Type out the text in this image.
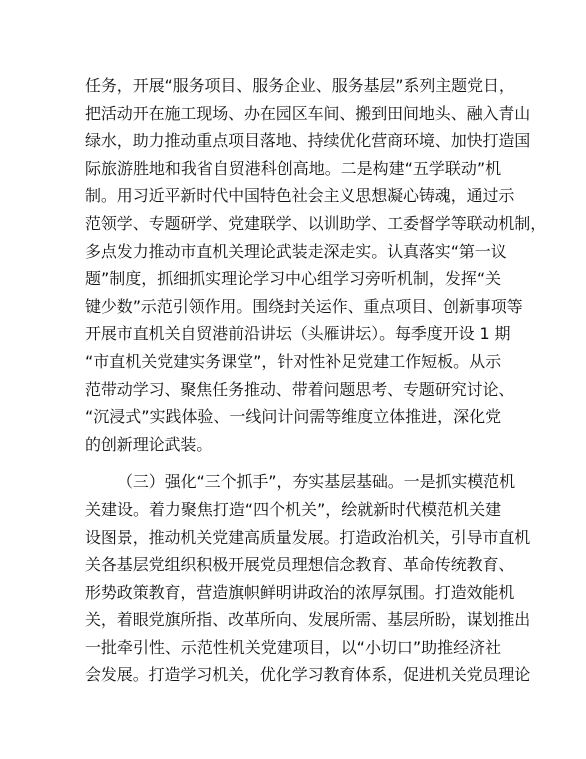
任务，开展“服务项目、服务企业、服务基层”系列主题党日，
把活动开在施工现场、办在园区车间、搬到田间地头、融入青山
绿水，助力推动重点项目落地、持续优化营商环境、加快打造国
际旅游胜地和我省自贸港科创高地。二是构建“五学联动”机
制。用习近平新时代中国特色社会主义思想凝心铸魂，通过示
范领学、专题研学、党建联学、以训助学、工委督学等联动机制，
多点发力推动市直机关理论武装走深走实。认真落实“第一议
题”制度，抓细抓实理论学习中心组学习旁听机制，发挥“关
键少数”示范引领作用。围绕封关运作、重点项目、创新事项等
开展市直机关自贸港前沿讲坛（头雁讲坛）。每季度开设 1 期
“市直机关党建实务课堂”，针对性补足党建工作短板。从示
范带动学习、聚焦任务推动、带着问题思考、专题研究讨论、
“沉浸式”实践体验、一线问计问需等维度立体推进，深化党
的创新理论武装。
（三）强化“三个抓手”，夯实基层基础。一是抓实模范机
关建设。着力聚焦打造“四个机关”，绘就新时代模范机关建
设图景，推动机关党建高质量发展。打造政治机关，引导市直机
关各基层党组织积极开展党员理想信念教育、革命传统教育、
形势政策教育，营造旗帜鲜明讲政治的浓厚氛围。打造效能机
关，着眼党旗所指、改革所向、发展所需、基层所盼，谋划推出
一批牵引性、示范性机关党建项目，以“小切口”助推经济社
会发展。打造学习机关，优化学习教育体系，促进机关党员理论
